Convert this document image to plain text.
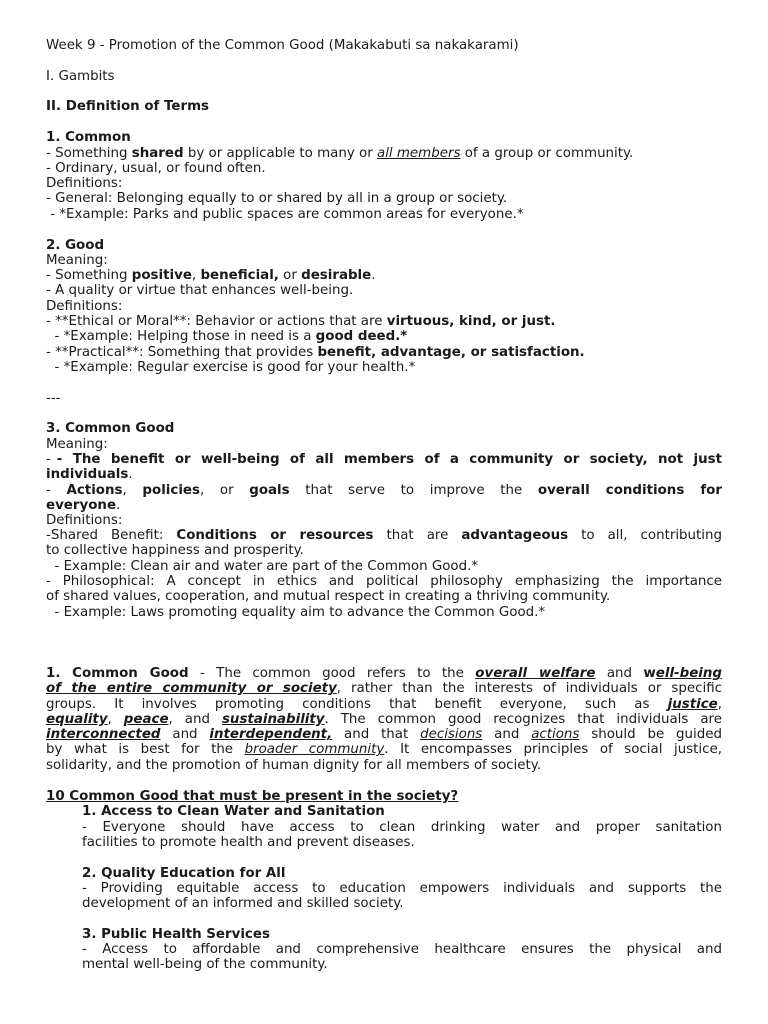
Week 9 - Promotion of the Common Good (Makakabuti sa nakakarami)
I. Gambits
II. Definition of Terms
1. Common
- Something shared by or applicable to many or all members of a group or community.
- Ordinary, usual, or found often.
Definitions:
- General: Belonging equally to or shared by all in a group or society.
- *Example: Parks and public spaces are common areas for everyone.*
2. Good
Meaning:
- Something positive, beneficial, or desirable.
- A quality or virtue that enhances well-being.
Definitions:
- **Ethical or Moral**: Behavior or actions that are virtuous, kind, or just.
- *Example: Helping those in need is a good deed.*
- **Practical**: Something that provides benefit, advantage, or satisfaction.
- *Example: Regular exercise is good for your health.*
---
3. Common Good
Meaning:
- - The benefit or well-being of all members of a community or society, not just
individuals.
- Actions, policies, or goals that serve to improve the overall conditions for
everyone.
Definitions:
-Shared Benefit: Conditions or resources that are advantageous to all, contributing
to collective happiness and prosperity.
- Example: Clean air and water are part of the Common Good.*
- Philosophical: A concept in ethics and political philosophy emphasizing the importance
of shared values, cooperation, and mutual respect in creating a thriving community.
- Example: Laws promoting equality aim to advance the Common Good.*
1. Common Good - The common good refers to the overall welfare and well-being
of the entire community or society, rather than the interests of individuals or specific
groups. It involves promoting conditions that benefit everyone, such as justice,
equality, peace, and sustainability. The common good recognizes that individuals are
interconnected and interdependent, and that decisions and actions should be guided
by what is best for the broader community. It encompasses principles of social justice,
solidarity, and the promotion of human dignity for all members of society.
10 Common Good that must be present in the society?
1. Access to Clean Water and Sanitation
- Everyone should have access to clean drinking water and proper sanitation
facilities to promote health and prevent diseases.
2. Quality Education for All
- Providing equitable access to education empowers individuals and supports the
development of an informed and skilled society.
3. Public Health Services
- Access to affordable and comprehensive healthcare ensures the physical and
mental well-being of the community.
